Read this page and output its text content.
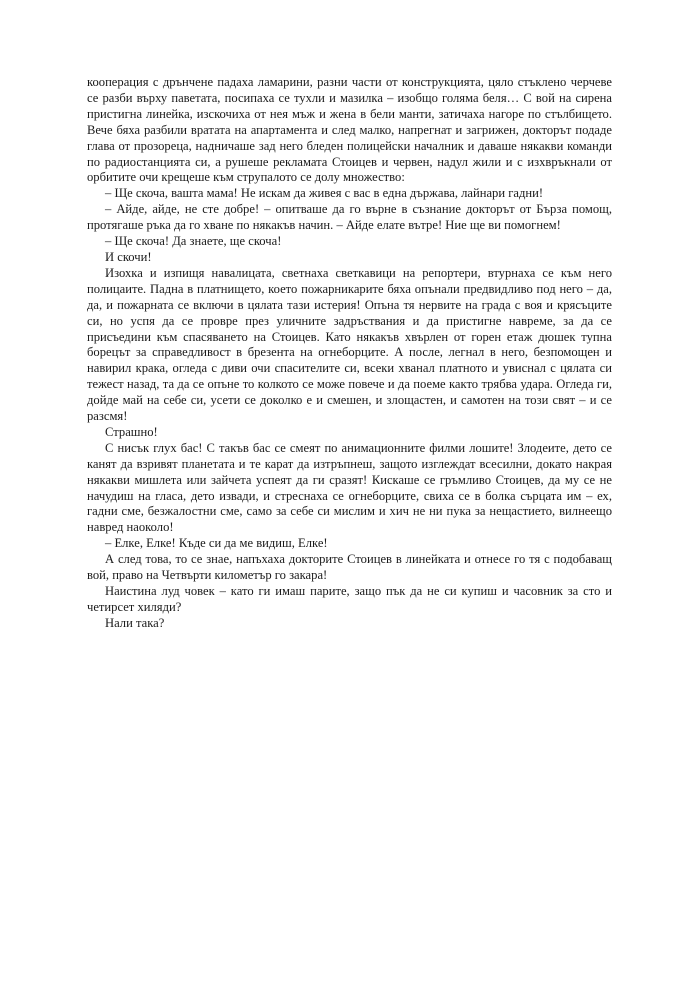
кооперация с дрънчене падаха ламарини, разни части от конструкцията, цяло стъклено черчеве се разби върху паветата, посипаха се тухли и мазилка – изобщо голяма беля… С вой на сирена пристигна линейка, изскочиха от нея мъж и жена в бели манти, затичаха нагоре по стълбището. Вече бяха разбили вратата на апартамента и след малко, напрегнат и загрижен, докторът подаде глава от прозореца, надничаше зад него бледен полицейски началник и даваше някакви команди по радиостанцията си, а рушеше рекламата Стоицев и червен, надул жили и с изхвръкнали от орбитите очи крещеше към струпалото се долу множество:

– Ще скоча, вашта мама! Не искам да живея с вас в една държава, лайнари гадни!

– Айде, айде, не сте добре! – опитваше да го върне в съзнание докторът от Бърза помощ, протягаше ръка да го хване по някакъв начин. – Айде елате вътре! Ние ще ви помогнем!

– Ще скоча! Да знаете, ще скоча!

И скочи!

Изохка и изпищя навалицата, светнаха светкавици на репортери, втурнаха се към него полицаите. Падна в платнището, което пожарникарите бяха опънали предвидливо под него – да, да, и пожарната се включи в цялата тази истерия! Опъна тя нервите на града с воя и крясъците си, но успя да се провре през уличните задръствания и да пристигне навреме, за да се присъедини към спасяването на Стоицев. Като някакъв хвърлен от горен етаж дюшек тупна борецът за справедливост в брезента на огнеборците. А после, легнал в него, безпомощен и навирил крака, огледа с диви очи спасителите си, всеки хванал платното и увиснал с цялата си тежест назад, та да се опъне то колкото се може повече и да поеме както трябва удара. Огледа ги, дойде май на себе си, усети се доколко е и смешен, и злощастен, и самотен на този свят – и се разсмя!

Страшно!

С нисък глух бас! С такъв бас се смеят по анимационните филми лошите! Злодеите, дето се канят да взривят планетата и те карат да изтръпнеш, защото изглеждат всесилни, докато накрая някакви мишлета или зайчета успеят да ги сразят! Кискаше се гръмливо Стоицев, да му се не начудиш на гласа, дето извади, и стреснаха се огнеборците, свиха се в болка сърцата им – ех, гадни сме, безжалостни сме, само за себе си мислим и хич не ни пука за нещастието, вилнеещо навред наоколо!

– Елке, Елке! Къде си да ме видиш, Елке!

А след това, то се знае, напъхаха докторите Стоицев в линейката и отнесе го тя с подобаващ вой, право на Четвърти километър го закара!

Наистина луд човек – като ги имаш парите, защо пък да не си купиш и часовник за сто и четирсет хиляди?

Нали така?
